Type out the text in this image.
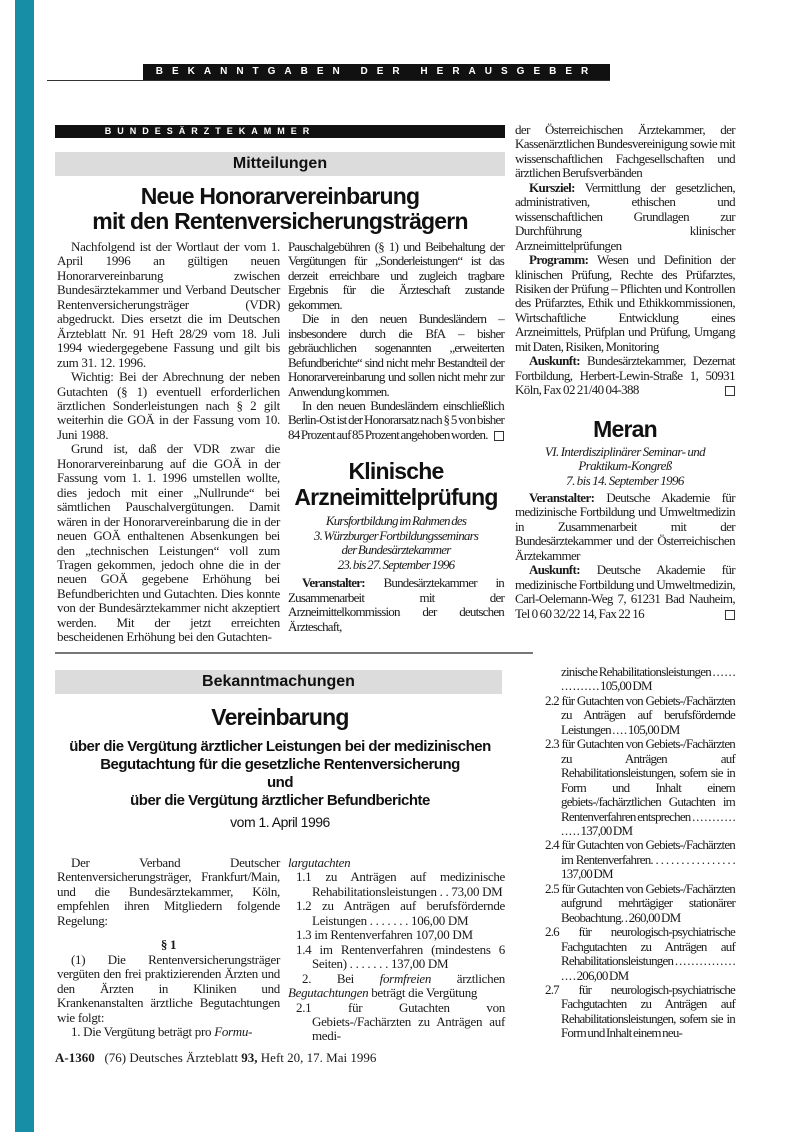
BEKANNTGABEN DER HERAUSGEBER
BUNDESÄRZTEKAMMER
Mitteilungen
Neue Honorarvereinbarung
mit den Rentenversicherungsträgern

Nachfolgend ist der Wortlaut der vom 1. April 1996 an gültigen neuen Honorarvereinbarung zwischen Bundesärztekammer und Verband Deutscher Rentenversicherungsträger (VDR) abgedruckt. Dies ersetzt die im Deutschen Ärzteblatt Nr. 91 Heft 28/29 vom 18. Juli 1994 wiedergegebene Fassung und gilt bis zum 31. 12. 1996.

Wichtig: Bei der Abrechnung der neben Gutachten (§ 1) eventuell erforderlichen ärztlichen Sonderleistungen nach § 2 gilt weiterhin die GOÄ in der Fassung vom 10. Juni 1988.

Grund ist, daß der VDR zwar die Honorarvereinbarung auf die GOÄ in der Fassung vom 1. 1. 1996 umstellen wollte, dies jedoch mit einer „Nullrunde“ bei sämtlichen Pauschalvergütungen. Damit wären in der Honorarvereinbarung die in der neuen GOÄ enthaltenen Absenkungen bei den „technischen Leistungen“ voll zum Tragen gekommen, jedoch ohne die in der neuen GOÄ gegebene Erhöhung bei Befundberichten und Gutachten. Dies konnte von der Bundesärztekammer nicht akzeptiert werden. Mit der jetzt erreichten bescheidenen Erhöhung bei den Gutachten-

Pauschalgebühren (§ 1) und Beibehaltung der Vergütungen für „Sonderleistungen“ ist das derzeit erreichbare und zugleich tragbare Ergebnis für die Ärzteschaft zustande gekommen.

Die in den neuen Bundesländern – insbesondere durch die BfA – bisher gebräuchlichen sogenannten „erweiterten Befundberichte“ sind nicht mehr Bestandteil der Honorarvereinbarung und sollen nicht mehr zur Anwendung kommen.

In den neuen Bundesländern einschließlich Berlin-Ost ist der Honorarsatz nach § 5 von bisher 84 Prozent auf 85 Prozent angehoben worden.

Klinische
Arzneimittelprüfung

Kursfortbildung im Rahmen des

3. Würzburger Fortbildungsseminars

der Bundesärztekammer

23. bis 27. September 1996

Veranstalter: Bundesärztekammer in Zusammenarbeit mit der Arzneimittelkommission der deutschen Ärzteschaft,

der Österreichischen Ärztekammer, der Kassenärztlichen Bundesvereinigung sowie mit wissenschaftlichen Fachgesellschaften und ärztlichen Berufsverbänden

Kursziel: Vermittlung der gesetzlichen, administrativen, ethischen und wissenschaftlichen Grundlagen zur Durchführung klinischer Arzneimittelprüfungen

Programm: Wesen und Definition der klinischen Prüfung, Rechte des Prüfarztes, Risiken der Prüfung – Pflichten und Kontrollen des Prüfarztes, Ethik und Ethikkommissionen, Wirtschaftliche Entwicklung eines Arzneimittels, Prüfplan und Prüfung, Umgang mit Daten, Risiken, Monitoring

Auskunft: Bundesärztekammer, Dezernat Fortbildung, Herbert-Lewin-Straße 1, 50931 Köln, Fax 02 21/40 04-388

Meran

VI. Interdisziplinärer Seminar- und

Praktikum-Kongreß

7. bis 14. September 1996

Veranstalter: Deutsche Akademie für medizinische Fortbildung und Umweltmedizin in Zusammenarbeit mit der Bundesärztekammer und der Österreichischen Ärztekammer

Auskunft: Deutsche Akademie für medizinische Fortbildung und Umweltmedizin, Carl-Oelemann-Weg 7, 61231 Bad Nauheim, Tel 0 60 32/22 14, Fax 22 16

Bekanntmachungen
Vereinbarung
über die Vergütung ärztlicher Leistungen bei der medizinischen
Begutachtung für die gesetzliche Rentenversicherung
und
über die Vergütung ärztlicher Befundberichte
vom 1. April 1996

Der Verband Deutscher Rentenversicherungsträger, Frankfurt/Main, und die Bundesärztekammer, Köln, empfehlen ihren Mitgliedern folgende Regelung:

§ 1

(1) Die Rentenversicherungsträger vergüten den frei praktizierenden Ärzten und den Ärzten in Kliniken und Krankenanstalten ärztliche Begutachtungen wie folgt:

1. Die Vergütung beträgt pro Formu-

largutachten

1.1 zu Anträgen auf medizinische Rehabilitationsleistungen . . 73,00 DM

1.2 zu Anträgen auf berufsfördernde Leistungen . . . . . . . 106,00 DM

1.3 im Rentenverfahren 107,00 DM

1.4 im Rentenverfahren (mindestens 6 Seiten) . . . . . . . 137,00 DM

2. Bei formfreien ärztlichen Begutachtungen beträgt die Vergütung

2.1	für Gutachten von Gebiets-/Fachärzten zu Anträgen auf medi-

zinische Rehabilitationsleistungen . . . . . . . . . . . . . . . . 105,00 DM

2.2 für Gutachten von Gebiets-/Fachärzten zu Anträgen auf berufsfördernde Leistungen . . . . 105,00 DM

2.3 für Gutachten von Gebiets-/Fachärzten zu Anträgen auf Rehabilitationsleistungen, sofern sie in Form und Inhalt einem gebiets-/fachärztlichen Gutachten im Rentenverfahren entsprechen . . . . . . . . . . . . . . . . 137,00 DM

2.4 für Gutachten von Gebiets-/Fachärzten im Rentenverfahren. . . . . . . . . . . . . . . . . 137,00 DM

2.5 für Gutachten von Gebiets-/Fachärzten aufgrund mehrtägiger stationärer Beobachtung. . 260,00 DM

2.6 für neurologisch-psychiatrische Fachgutachten zu Anträgen auf Rehabilitationsleistungen . . . . . . . . . . . . . . . . . . . 206,00 DM

2.7 für neurologisch-psychiatrische Fachgutachten zu Anträgen auf Rehabilitationsleistungen, sofern sie in Form und Inhalt einem neu-

A-1360 (76) Deutsches Ärzteblatt 93, Heft 20, 17. Mai 1996
